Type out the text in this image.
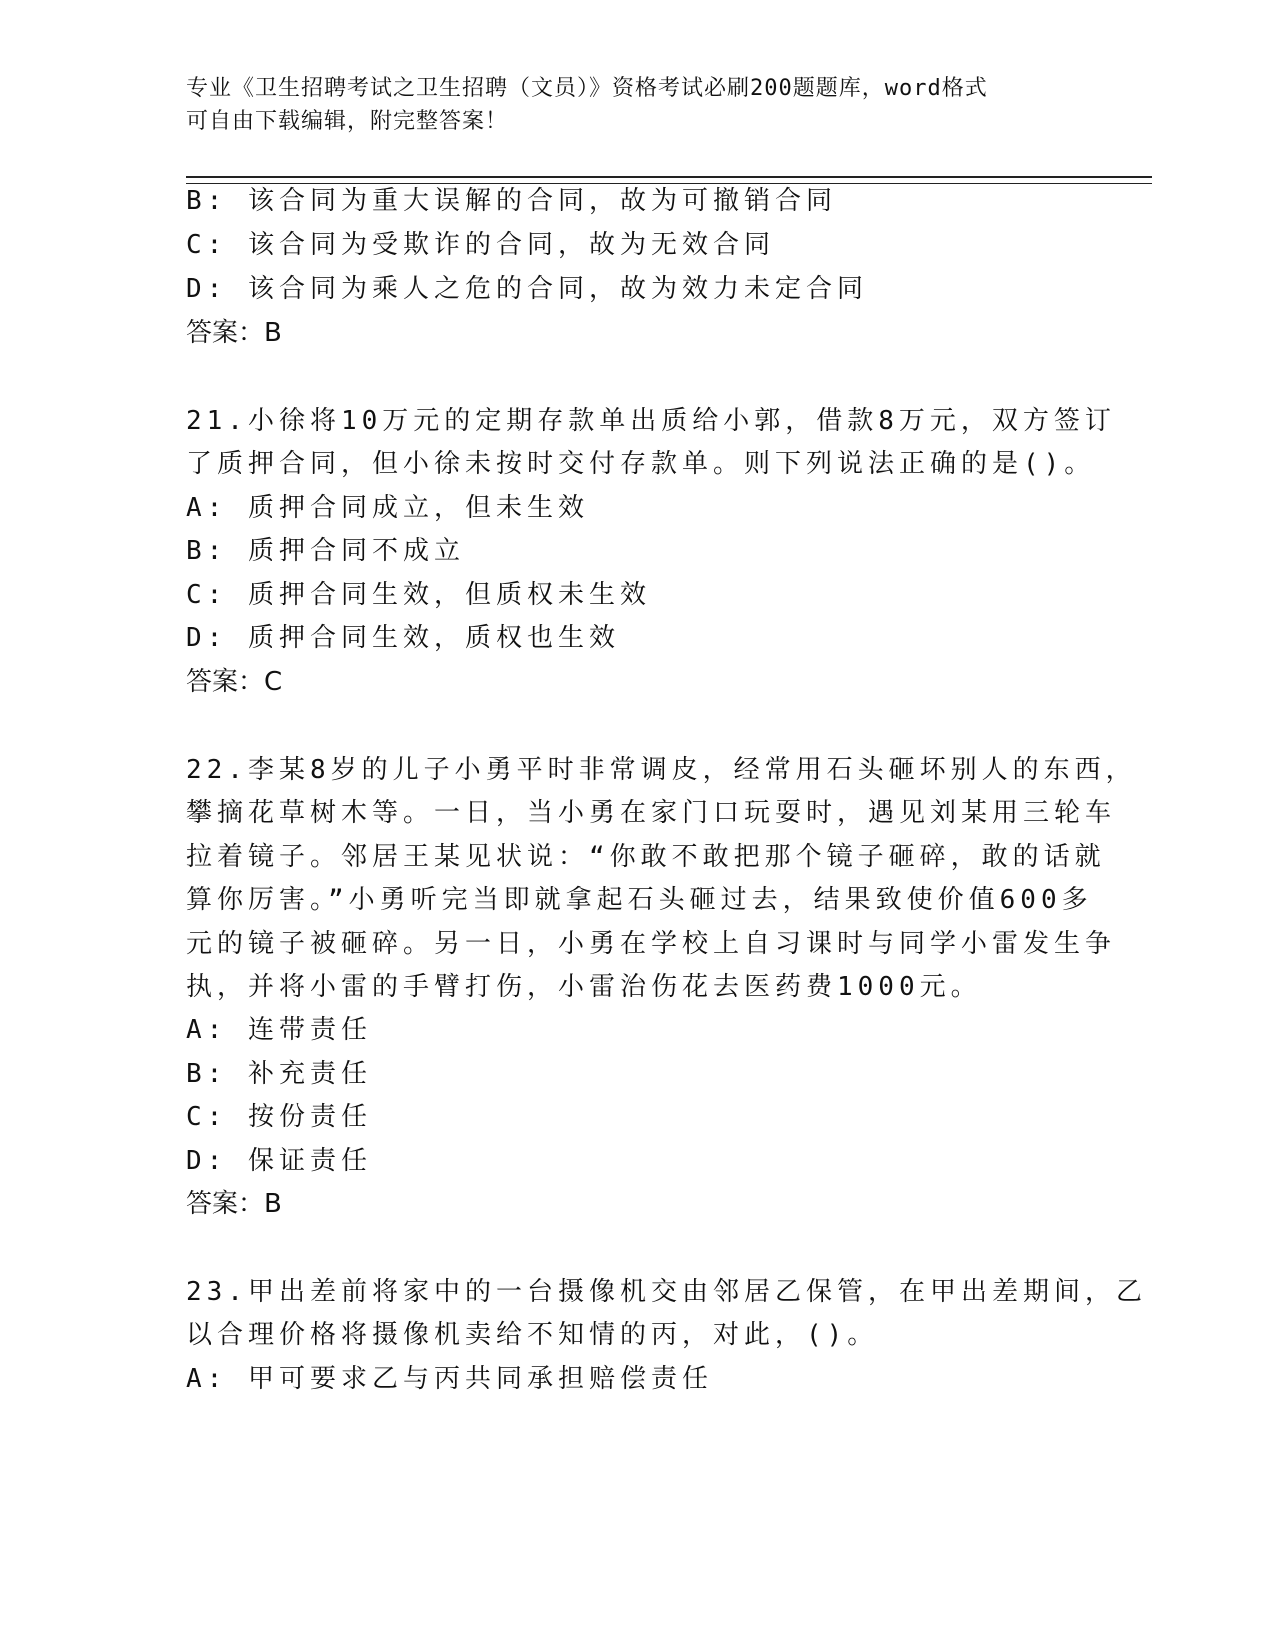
专业《卫生招聘考试之卫生招聘（文员）》资格考试必刷200题题库，word格式
可自由下载编辑，附完整答案！
B: 该合同为重大误解的合同，故为可撤销合同
C: 该合同为受欺诈的合同，故为无效合同
D: 该合同为乘人之危的合同，故为效力未定合同
答案：B
21.小徐将10万元的定期存款单出质给小郭，借款8万元，双方签订
了质押合同，但小徐未按时交付存款单。则下列说法正确的是()。
A: 质押合同成立，但未生效
B: 质押合同不成立
C: 质押合同生效，但质权未生效
D: 质押合同生效，质权也生效
答案：C
22.李某8岁的儿子小勇平时非常调皮，经常用石头砸坏别人的东西，
攀摘花草树木等。一日，当小勇在家门口玩耍时，遇见刘某用三轮车
拉着镜子。邻居王某见状说：“你敢不敢把那个镜子砸碎，敢的话就
算你厉害。”小勇听完当即就拿起石头砸过去，结果致使价值600多
元的镜子被砸碎。另一日，小勇在学校上自习课时与同学小雷发生争
执，并将小雷的手臂打伤，小雷治伤花去医药费1000元。
A: 连带责任
B: 补充责任
C: 按份责任
D: 保证责任
答案：B
23.甲出差前将家中的一台摄像机交由邻居乙保管，在甲出差期间，乙
以合理价格将摄像机卖给不知情的丙，对此，()。
A: 甲可要求乙与丙共同承担赔偿责任
